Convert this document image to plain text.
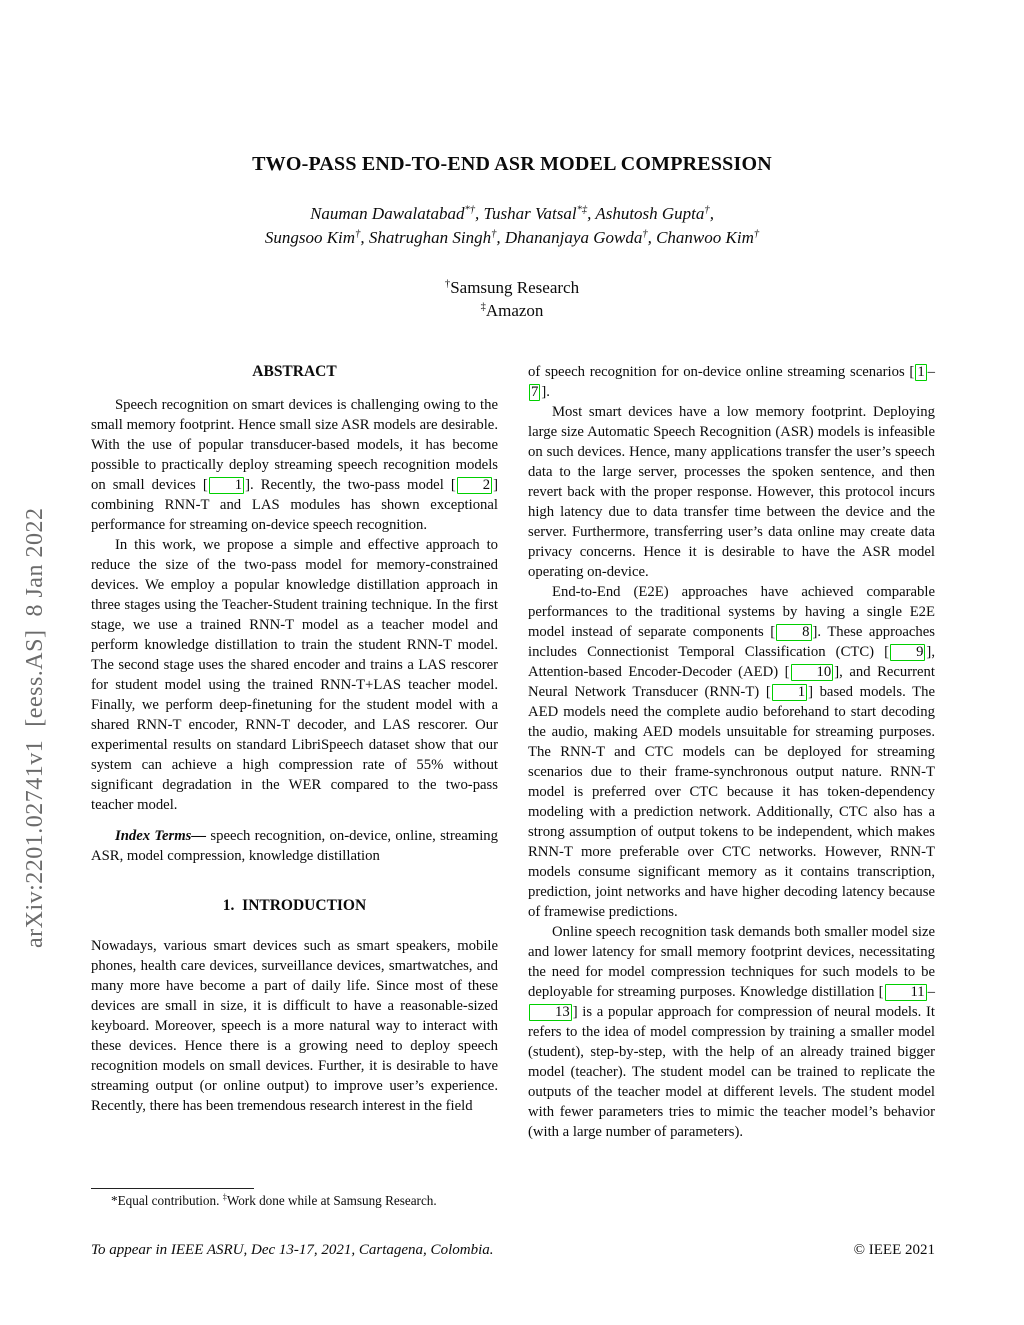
arXiv:2201.02741v1  [eess.AS]  8 Jan 2022
TWO-PASS END-TO-END ASR MODEL COMPRESSION
Nauman Dawalatabad*†, Tushar Vatsal*‡, Ashutosh Gupta†,
Sungsoo Kim†, Shatrughan Singh†, Dhananjaya Gowda†, Chanwoo Kim†
†Samsung Research
‡Amazon
ABSTRACT

Speech recognition on smart devices is challenging owing to the small memory footprint. Hence small size ASR models are desirable. With the use of popular transducer-based models, it has become possible to practically deploy streaming speech recognition models on small devices [ 1 ]. Recently, the two-pass model [ 2 ] combining RNN-T and LAS modules has shown exceptional performance for streaming on-device speech recognition.

In this work, we propose a simple and effective approach to reduce the size of the two-pass model for memory-constrained devices. We employ a popular knowledge distillation approach in three stages using the Teacher-Student training technique. In the first stage, we use a trained RNN-T model as a teacher model and perform knowledge distillation to train the student RNN-T model. The second stage uses the shared encoder and trains a LAS rescorer for student model using the trained RNN-T+LAS teacher model. Finally, we perform deep-finetuning for the student model with a shared RNN-T encoder, RNN-T decoder, and LAS rescorer. Our experimental results on standard LibriSpeech dataset show that our system can achieve a high compression rate of 55% without significant degradation in the WER compared to the two-pass teacher model.

Index Terms— speech recognition, on-device, online, streaming ASR, model compression, knowledge distillation

1.  INTRODUCTION

Nowadays, various smart devices such as smart speakers, mobile phones, health care devices, surveillance devices, smartwatches, and many more have become a part of daily life. Since most of these devices are small in size, it is difficult to have a reasonable-sized keyboard. Moreover, speech is a more natural way to interact with these devices. Hence there is a growing need to deploy speech recognition models on small devices. Further, it is desirable to have streaming output (or online output) to improve user’s experience. Recently, there has been tremendous research interest in the field

of speech recognition for on-device online streaming scenarios [ 1 –7 ].

Most smart devices have a low memory footprint. Deploying large size Automatic Speech Recognition (ASR) models is infeasible on such devices. Hence, many applications transfer the user’s speech data to the large server, processes the spoken sentence, and then revert back with the proper response. However, this protocol incurs high latency due to data transfer time between the device and the server. Furthermore, transferring user’s data online may create data privacy concerns. Hence it is desirable to have the ASR model operating on-device.

End-to-End (E2E) approaches have achieved comparable performances to the traditional systems by having a single E2E model instead of separate components [ 8 ]. These approaches includes Connectionist Temporal Classification (CTC) [ 9 ], Attention-based Encoder-Decoder (AED) [ 10 ], and Recurrent Neural Network Transducer (RNN-T) [ 1 ] based models. The AED models need the complete audio beforehand to start decoding the audio, making AED models unsuitable for streaming purposes. The RNN-T and CTC models can be deployed for streaming scenarios due to their frame-synchronous output nature. RNN-T model is preferred over CTC because it has token-dependency modeling with a prediction network. Additionally, CTC also has a strong assumption of output tokens to be independent, which makes RNN-T more preferable over CTC networks. However, RNN-T models consume significant memory as it contains transcription, prediction, joint networks and have higher decoding latency because of framewise predictions.

Online speech recognition task demands both smaller model size and lower latency for small memory footprint devices, necessitating the need for model compression techniques for such models to be deployable for streaming purposes. Knowledge distillation [ 11 –13 ] is a popular approach for compression of neural models. It refers to the idea of model compression by training a smaller model (student), step-by-step, with the help of an already trained bigger model (teacher). The student model can be trained to replicate the outputs of the teacher model at different levels. The student model with fewer parameters tries to mimic the teacher model’s behavior (with a large number of parameters).

*Equal contribution. ‡Work done while at Samsung Research.

To appear in IEEE ASRU, Dec 13-17, 2021, Cartagena, Colombia.	© IEEE 2021
